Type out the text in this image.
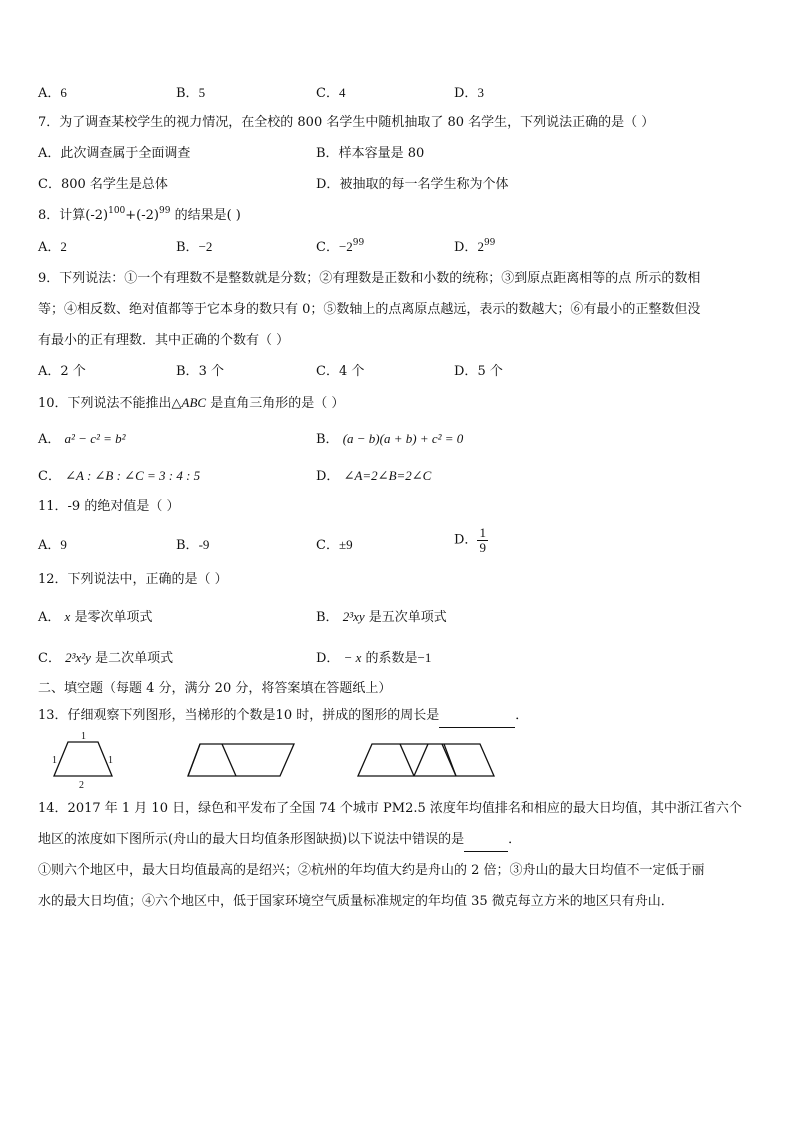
A．6	B．5	C．4	D．3
7．为了调查某校学生的视力情况，在全校的 800 名学生中随机抽取了 80 名学生，下列说法正确的是（ ）
A．此次调查属于全面调查	B．样本容量是 80
C．800 名学生是总体	D．被抽取的每一名学生称为个体
8．计算$(-2)^{100}+(-2)^{99}$ 的结果是( )
A．2	B．−2	C．$-2^{99}$	D．$2^{99}$
9．下列说法：①一个有理数不是整数就是分数；②有理数是正数和小数的统称；③到原点距离相等的点 所示的数相
等；④相反数、绝对值都等于它本身的数只有 0；⑤数轴上的点离原点越远，表示的数越大；⑥有最小的正整数但没
有最小的正有理数．其中正确的个数有（ ）
A．2 个	B．3 个	C．4 个	D．5 个
10．下列说法不能推出△ABC 是直角三角形的是（ ）
A． a² − c² = b²	B． (a − b)(a + b) + c² = 0
C． ∠A : ∠B : ∠C = 3 : 4 : 5	D． ∠A=2∠B=2∠C
11．-9 的绝对值是（ ）
A．9	B．-9	C．±9	D． $\frac{1}{9}$
12．下列说法中，正确的是（ ）
A． x 是零次单项式	B． 2³xy 是五次单项式
C． 2³x²y 是二次单项式	D． − x 的系数是−1
二、填空题（每题 4 分，满分 20 分，将答案填在答题纸上）
13．仔细观察下列图形，当梯形的个数是10 时，拼成的图形的周长是	．
1
1	1
2
14．2017 年 1 月 10 日，绿色和平发布了全国 74 个城市 PM2.5 浓度年均值排名和相应的最大日均值，其中浙江省六个
地区的浓度如下图所示(舟山的最大日均值条形图缺损)以下说法中错误的是	．
①则六个地区中，最大日均值最高的是绍兴；②杭州的年均值大约是舟山的 2 倍；③舟山的最大日均值不一定低于丽
水的最大日均值；④六个地区中，低于国家环境空气质量标准规定的年均值 35 微克每立方米的地区只有舟山．
